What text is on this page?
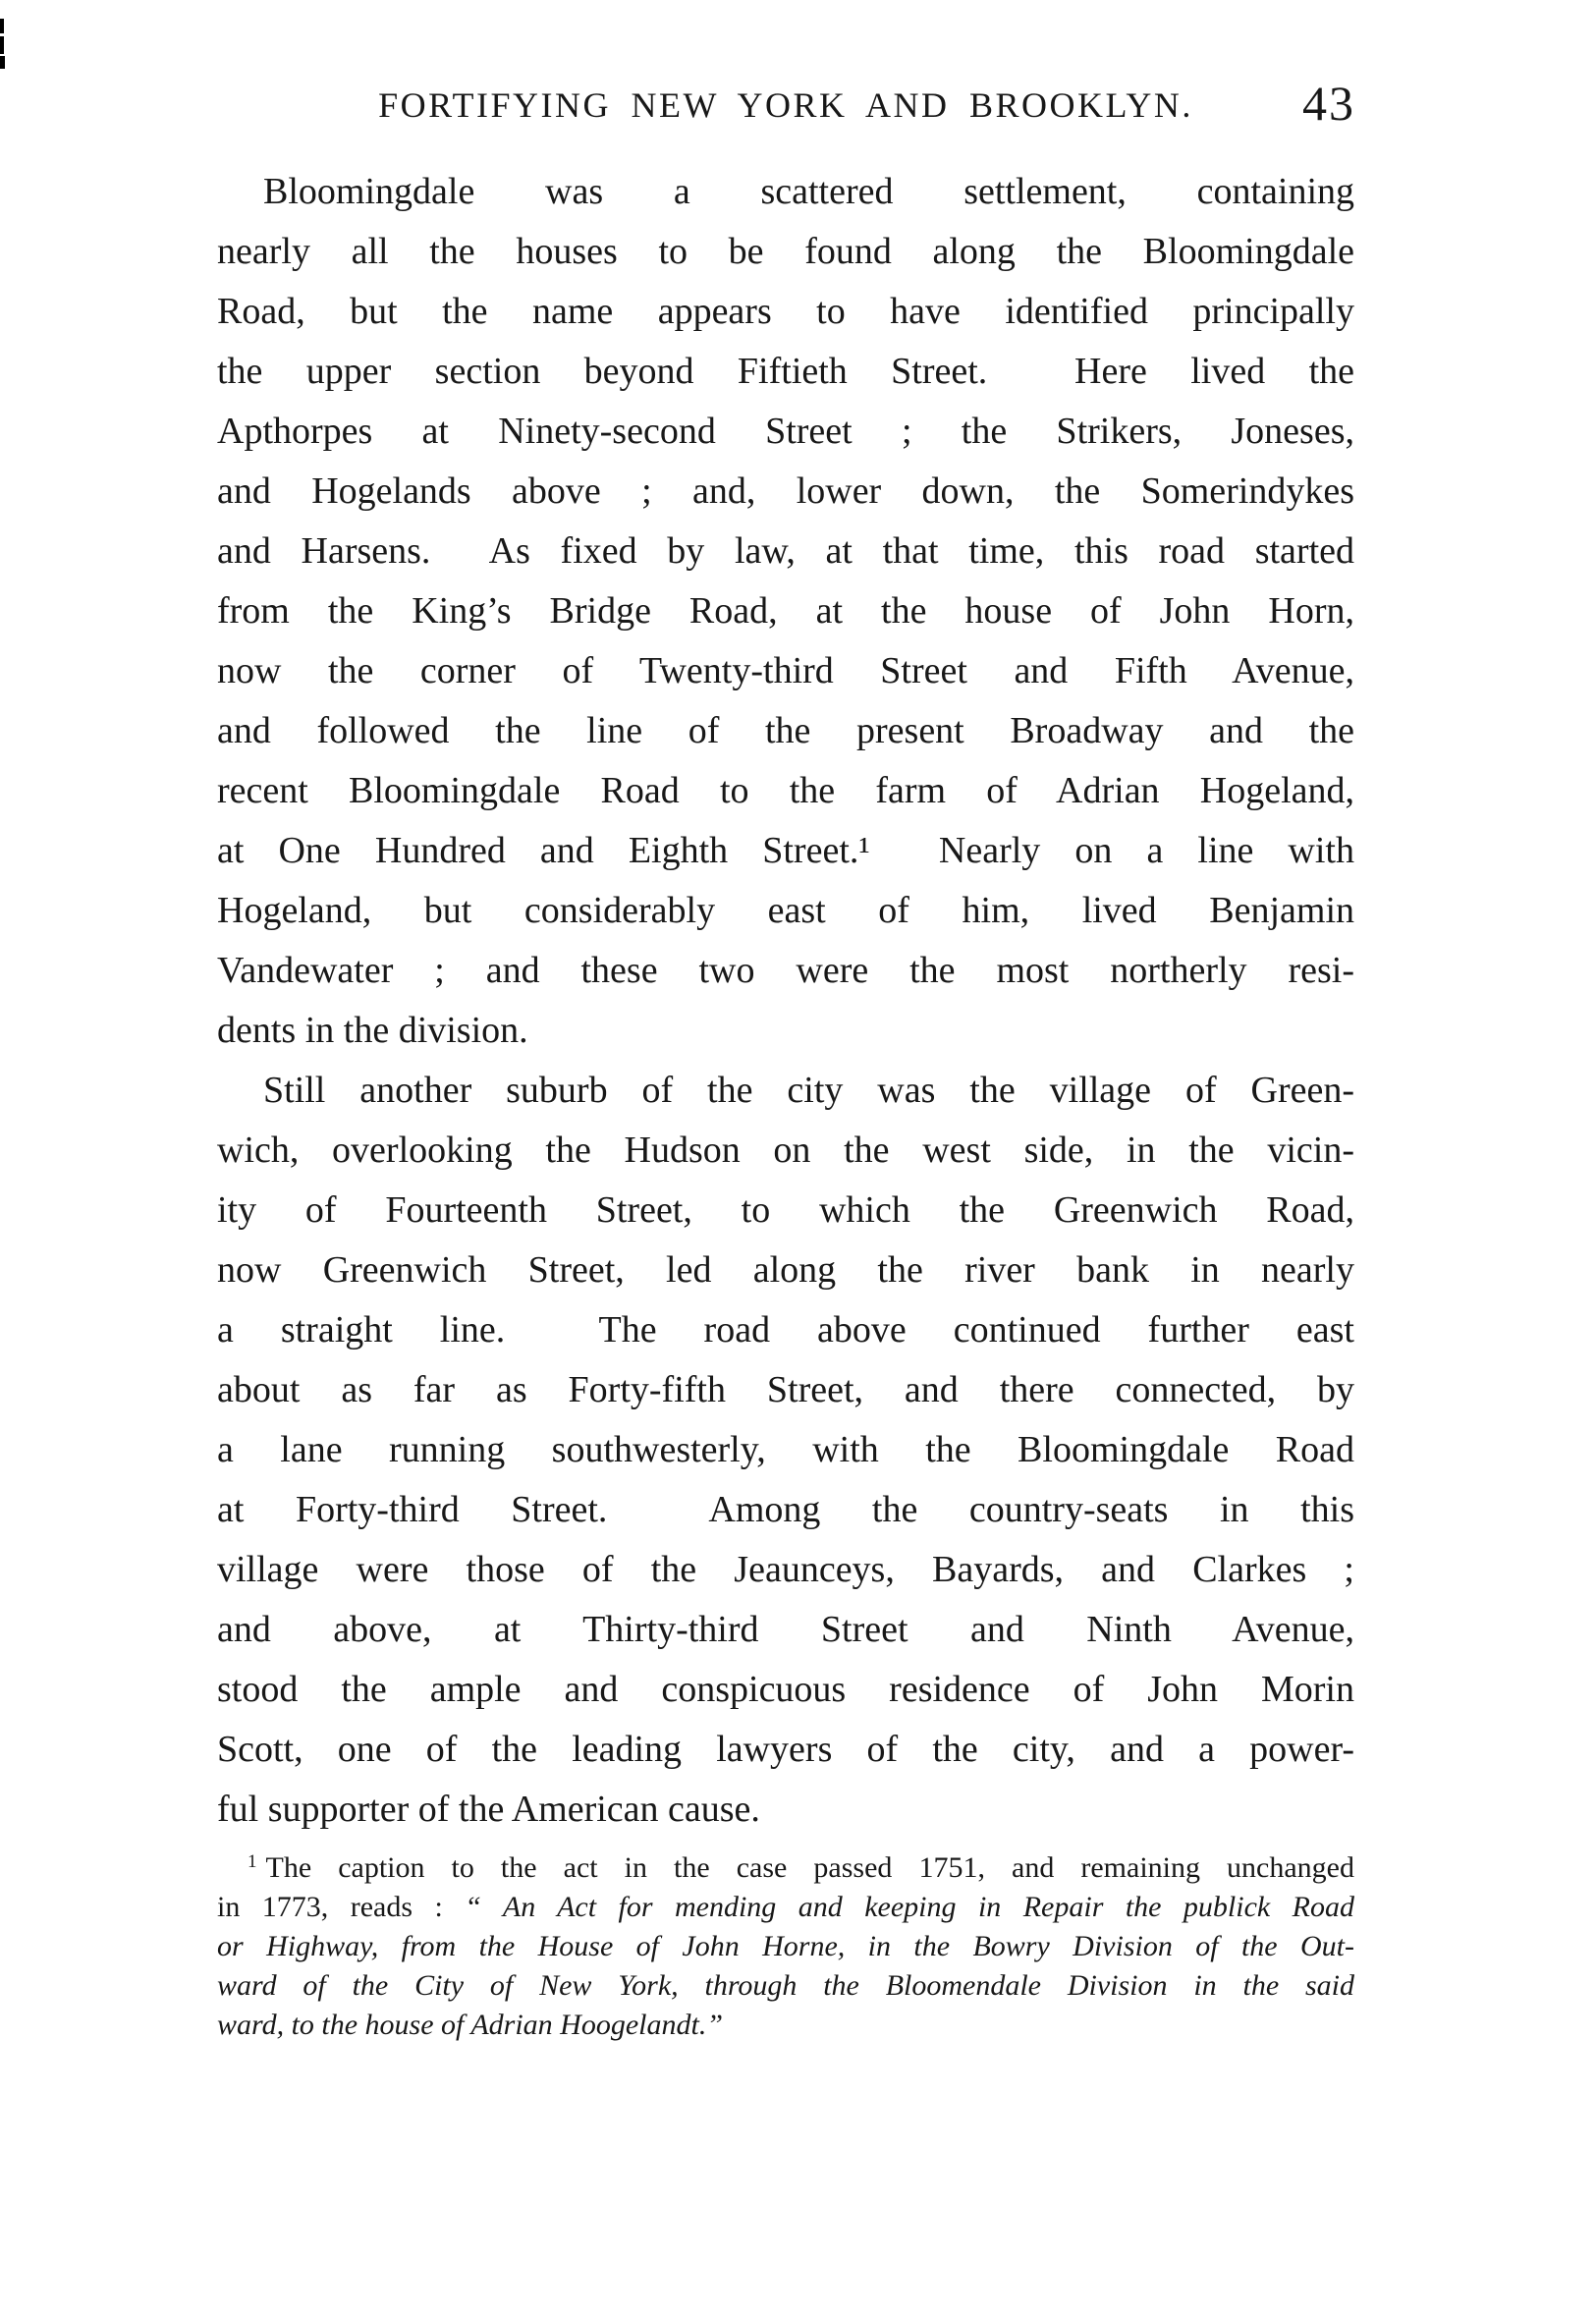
FORTIFYING NEW YORK AND BROOKLYN.	43
Bloomingdale was a scattered settlement, containing
nearly all the houses to be found along the Bloomingdale
Road, but the name appears to have identified principally
the upper section beyond Fiftieth Street.  Here lived the
Apthorpes at Ninety-second Street ; the Strikers, Joneses,
and Hogelands above ; and, lower down, the Somerindykes
and Harsens.  As fixed by law, at that time, this road started
from the King’s Bridge Road, at the house of John Horn,
now the corner of Twenty-third Street and Fifth Avenue,
and followed the line of the present Broadway and the
recent Bloomingdale Road to the farm of Adrian Hogeland,
at One Hundred and Eighth Street.¹  Nearly on a line with
Hogeland, but considerably east of him, lived Benjamin
Vandewater ; and these two were the most northerly resi-
dents in the division.
Still another suburb of the city was the village of Green-
wich, overlooking the Hudson on the west side, in the vicin-
ity of Fourteenth Street, to which the Greenwich Road,
now Greenwich Street, led along the river bank in nearly
a straight line.  The road above continued further east
about as far as Forty-fifth Street, and there connected, by
a lane running southwesterly, with the Bloomingdale Road
at Forty-third Street.  Among the country-seats in this
village were those of the Jeaunceys, Bayards, and Clarkes ;
and above, at Thirty-third Street and Ninth Avenue,
stood the ample and conspicuous residence of John Morin
Scott, one of the leading lawyers of the city, and a power-
ful supporter of the American cause.
$^1$ The caption to the act in the case passed 1751, and remaining unchanged
in 1773, reads : “ An Act for mending and keeping in Repair the publick Road
or Highway, from the House of John Horne, in the Bowry Division of the Out-
ward of the City of New York, through the Bloomendale Division in the said
ward, to the house of Adrian Hoogelandt.”
